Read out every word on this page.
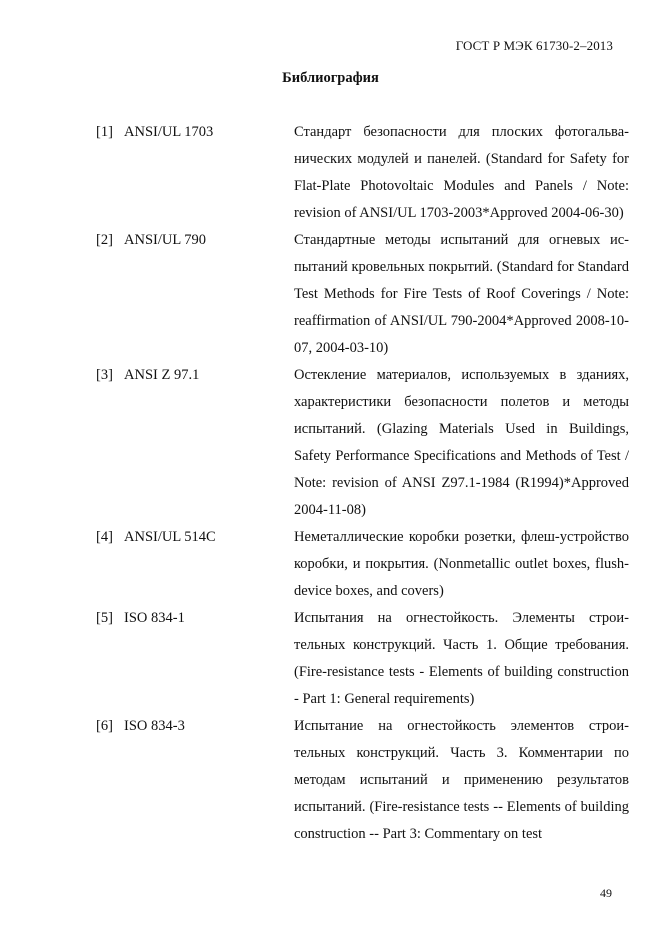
ГОСТ Р МЭК 61730-2–2013
Библиография
[1] ANSI/UL 1703	Стандарт безопасности для плоских фотогальванических модулей и панелей. (Standard for Safety for Flat-Plate Photovoltaic Modules and Panels / Note: revision of ANSI/UL 1703-2003*Approved 2004-06-30)
[2] ANSI/UL 790	Стандартные методы испытаний для огневых испытаний кровельных покрытий. (Standard for Standard Test Methods for Fire Tests of Roof Coverings / Note: reaffirmation of ANSI/UL 790-2004*Approved 2008-10-07, 2004-03-10)
[3] ANSI Z 97.1	Остекление материалов, используемых в зданиях, характеристики безопасности полетов и методы испытаний. (Glazing Materials Used in Buildings, Safety Performance Specifications and Methods of Test / Note: revision of ANSI Z97.1-1984 (R1994)*Approved 2004-11-08)
[4] ANSI/UL 514C	Неметаллические коробки розетки, флеш-устройство коробки, и покрытия. (Nonmetallic outlet boxes, flush-device boxes, and covers)
[5] ISO 834-1	Испытания на огнестойкость. Элементы строительных конструкций. Часть 1. Общие требования. (Fire-resistance tests - Elements of building construction - Part 1: General requirements)
[6] ISO 834-3	Испытание на огнестойкость элементов строительных конструкций. Часть 3. Комментарии по методам испытаний и применению результатов испытаний. (Fire-resistance tests -- Elements of building construction -- Part 3: Commentary on test
49
